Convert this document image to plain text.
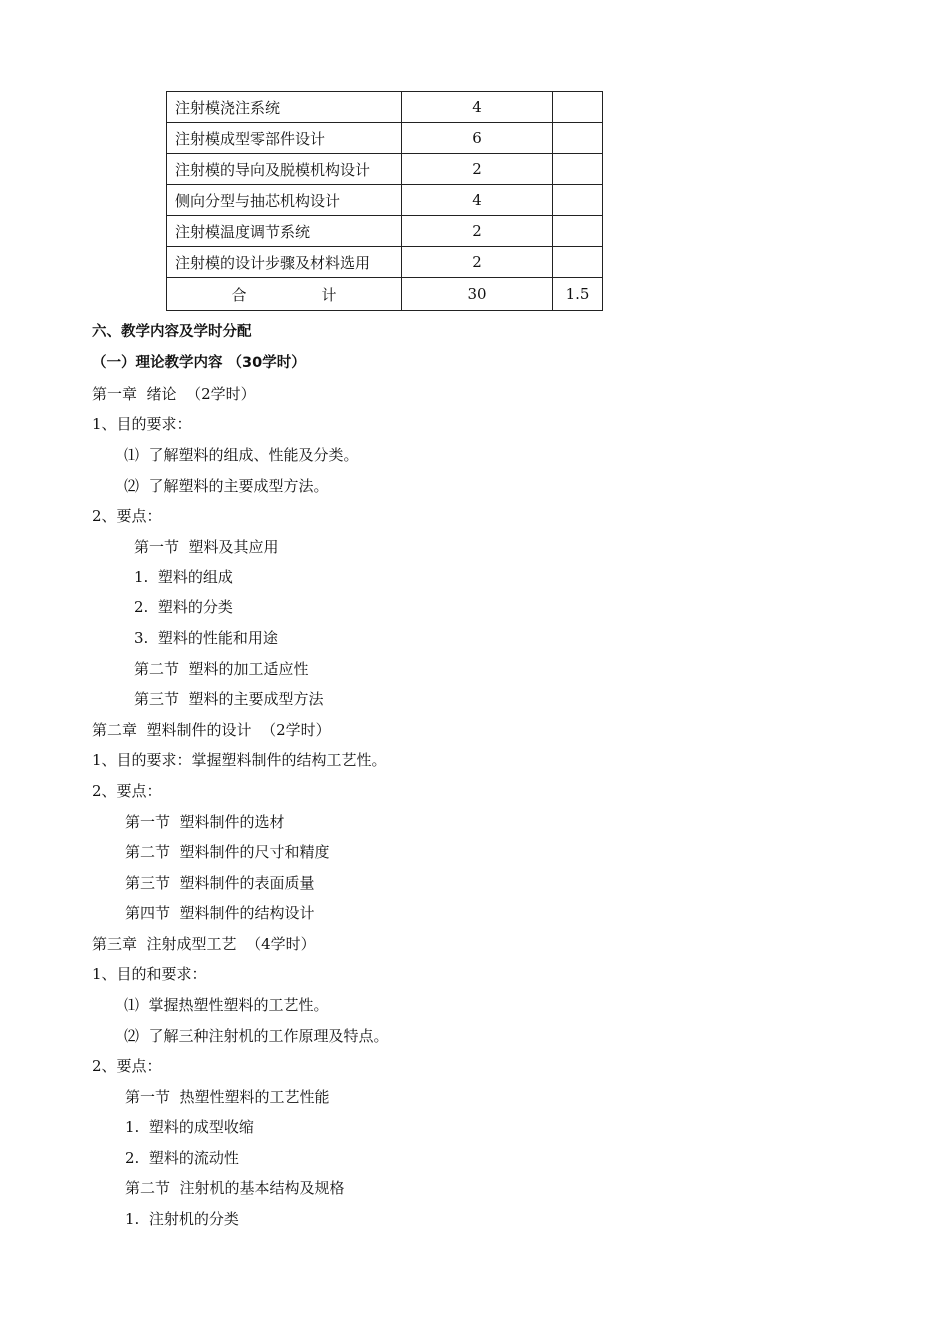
注射模浇注系统	4	
注射模成型零部件设计	6	
注射模的导向及脱模机构设计	2	
侧向分型与抽芯机构设计	4	
注射模温度调节系统	2	
注射模的设计步骤及材料选用	2	
合　　　　　计	30	1.5
六、教学内容及学时分配
（一）理论教学内容 （30学时）
第一章  绪论  （2学时）
1、目的要求：
⑴  了解塑料的组成、性能及分类。
⑵  了解塑料的主要成型方法。
2、要点：
第一节  塑料及其应用
1.  塑料的组成
2.  塑料的分类
3.  塑料的性能和用途
第二节  塑料的加工适应性
第三节  塑料的主要成型方法
第二章  塑料制件的设计  （2学时）
1、目的要求：掌握塑料制件的结构工艺性。
2、要点：
第一节  塑料制件的选材
第二节  塑料制件的尺寸和精度
第三节  塑料制件的表面质量
第四节  塑料制件的结构设计
第三章  注射成型工艺  （4学时）
1、目的和要求：
⑴  掌握热塑性塑料的工艺性。
⑵  了解三种注射机的工作原理及特点。
2、要点：
第一节  热塑性塑料的工艺性能
1.  塑料的成型收缩
2.  塑料的流动性
第二节  注射机的基本结构及规格
1.  注射机的分类
